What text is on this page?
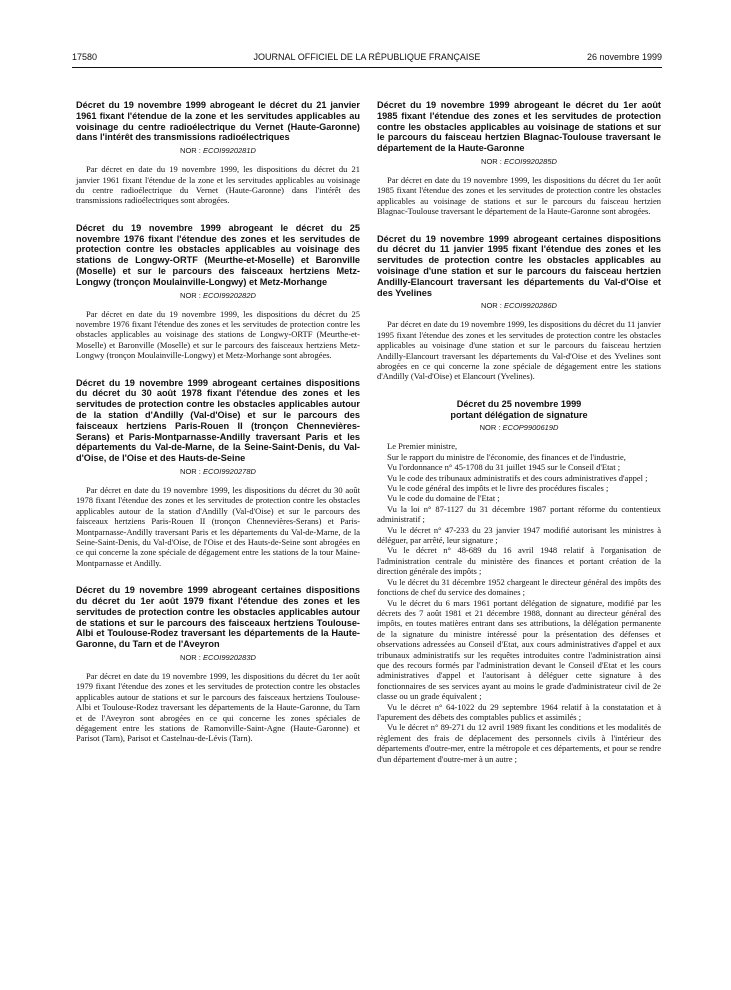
17580	JOURNAL OFFICIEL DE LA RÉPUBLIQUE FRANÇAISE	26 novembre 1999

Décret du 19 novembre 1999 abrogeant le décret du 21 janvier 1961 fixant l'étendue de la zone et les servitudes applicables au voisinage du centre radioélectrique du Vernet (Haute-Garonne) dans l'intérêt des transmissions radioélectriques

NOR : ECOI9920281D

Par décret en date du 19 novembre 1999, les dispositions du décret du 21 janvier 1961 fixant l'étendue de la zone et les servitudes applicables au voisinage du centre radioélectrique du Vernet (Haute-Garonne) dans l'intérêt des transmissions radioélectriques sont abrogées.

Décret du 19 novembre 1999 abrogeant le décret du 25 novembre 1976 fixant l'étendue des zones et les servitudes de protection contre les obstacles applicables au voisinage des stations de Longwy-ORTF (Meurthe-et-Moselle) et Baronville (Moselle) et sur le parcours des faisceaux hertziens Metz-Longwy (tronçon Moulainville-Longwy) et Metz-Morhange

NOR : ECOI9920282D

Par décret en date du 19 novembre 1999, les dispositions du décret du 25 novembre 1976 fixant l'étendue des zones et les servitudes de protection contre les obstacles applicables au voisinage des stations de Longwy-ORTF (Meurthe-et-Moselle) et Baronville (Moselle) et sur le parcours des faisceaux hertziens Metz-Longwy (tronçon Moulainville-Longwy) et Metz-Morhange sont abrogées.

Décret du 19 novembre 1999 abrogeant certaines dispositions du décret du 30 août 1978 fixant l'étendue des zones et les servitudes de protection contre les obstacles applicables autour de la station d'Andilly (Val-d'Oise) et sur le parcours des faisceaux hertziens Paris-Rouen II (tronçon Chennevières-Serans) et Paris-Montparnasse-Andilly traversant Paris et les départements du Val-de-Marne, de la Seine-Saint-Denis, du Val-d'Oise, de l'Oise et des Hauts-de-Seine

NOR : ECOI9920278D

Par décret en date du 19 novembre 1999, les dispositions du décret du 30 août 1978 fixant l'étendue des zones et les servitudes de protection contre les obstacles applicables autour de la station d'Andilly (Val-d'Oise) et sur le parcours des faisceaux hertziens Paris-Rouen II (tronçon Chennevières-Serans) et Paris-Montparnasse-Andilly traversant Paris et les départements du Val-de-Marne, de la Seine-Saint-Denis, du Val-d'Oise, de l'Oise et des Hauts-de-Seine sont abrogées en ce qui concerne la zone spéciale de dégagement entre les stations de la tour Maine-Montparnasse et Andilly.

Décret du 19 novembre 1999 abrogeant certaines dispositions du décret du 1er août 1979 fixant l'étendue des zones et les servitudes de protection contre les obstacles applicables autour de stations et sur le parcours des faisceaux hertziens Toulouse-Albi et Toulouse-Rodez traversant les départements de la Haute-Garonne, du Tarn et de l'Aveyron

NOR : ECOI9920283D

Par décret en date du 19 novembre 1999, les dispositions du décret du 1er août 1979 fixant l'étendue des zones et les servitudes de protection contre les obstacles applicables autour de stations et sur le parcours des faisceaux hertziens Toulouse-Albi et Toulouse-Rodez traversant les départements de la Haute-Garonne, du Tarn et de l'Aveyron sont abrogées en ce qui concerne les zones spéciales de dégagement entre les stations de Ramonville-Saint-Agne (Haute-Garonne) et Parisot (Tarn), Parisot et Castelnau-de-Lévis (Tarn).

Décret du 19 novembre 1999 abrogeant le décret du 1er août 1985 fixant l'étendue des zones et les servitudes de protection contre les obstacles applicables au voisinage de stations et sur le parcours du faisceau hertzien Blagnac-Toulouse traversant le département de la Haute-Garonne

NOR : ECOI9920285D

Par décret en date du 19 novembre 1999, les dispositions du décret du 1er août 1985 fixant l'étendue des zones et les servitudes de protection contre les obstacles applicables au voisinage de stations et sur le parcours du faisceau hertzien Blagnac-Toulouse traversant le département de la Haute-Garonne sont abrogées.

Décret du 19 novembre 1999 abrogeant certaines dispositions du décret du 11 janvier 1995 fixant l'étendue des zones et les servitudes de protection contre les obstacles applicables au voisinage d'une station et sur le parcours du faisceau hertzien Andilly-Elancourt traversant les départements du Val-d'Oise et des Yvelines

NOR : ECOI9920286D

Par décret en date du 19 novembre 1999, les dispositions du décret du 11 janvier 1995 fixant l'étendue des zones et les servitudes de protection contre les obstacles applicables au voisinage d'une station et sur le parcours du faisceau hertzien Andilly-Elancourt traversant les départements du Val-d'Oise et des Yvelines sont abrogées en ce qui concerne la zone spéciale de dégagement entre les stations d'Andilly (Val-d'Oise) et Elancourt (Yvelines).

Décret du 25 novembre 1999

portant délégation de signature

NOR : ECOP9900619D

Le Premier ministre,

Sur le rapport du ministre de l'économie, des finances et de l'industrie,

Vu l'ordonnance n° 45-1708 du 31 juillet 1945 sur le Conseil d'Etat ;

Vu le code des tribunaux administratifs et des cours administratives d'appel ;

Vu le code général des impôts et le livre des procédures fiscales ;

Vu le code du domaine de l'Etat ;

Vu la loi n° 87-1127 du 31 décembre 1987 portant réforme du contentieux administratif ;

Vu le décret n° 47-233 du 23 janvier 1947 modifié autorisant les ministres à déléguer, par arrêté, leur signature ;

Vu le décret n° 48-689 du 16 avril 1948 relatif à l'organisation de l'administration centrale du ministère des finances et portant création de la direction générale des impôts ;

Vu le décret du 31 décembre 1952 chargeant le directeur général des impôts des fonctions de chef du service des domaines ;

Vu le décret du 6 mars 1961 portant délégation de signature, modifié par les décrets des 7 août 1981 et 21 décembre 1988, donnant au directeur général des impôts, en toutes matières entrant dans ses attributions, la délégation permanente de la signature du ministre intéressé pour la présentation des défenses et observations adressées au Conseil d'Etat, aux cours administratives d'appel et aux tribunaux administratifs sur les requêtes introduites contre l'administration ainsi que des recours formés par l'administration devant le Conseil d'Etat et les cours administratives d'appel et l'autorisant à déléguer cette signature à des fonctionnaires de ses services ayant au moins le grade d'administrateur civil de 2e classe ou un grade équivalent ;

Vu le décret n° 64-1022 du 29 septembre 1964 relatif à la constatation et à l'apurement des débets des comptables publics et assimilés ;

Vu le décret n° 89-271 du 12 avril 1989 fixant les conditions et les modalités de règlement des frais de déplacement des personnels civils à l'intérieur des départements d'outre-mer, entre la métropole et ces départements, et pour se rendre d'un département d'outre-mer à un autre ;
